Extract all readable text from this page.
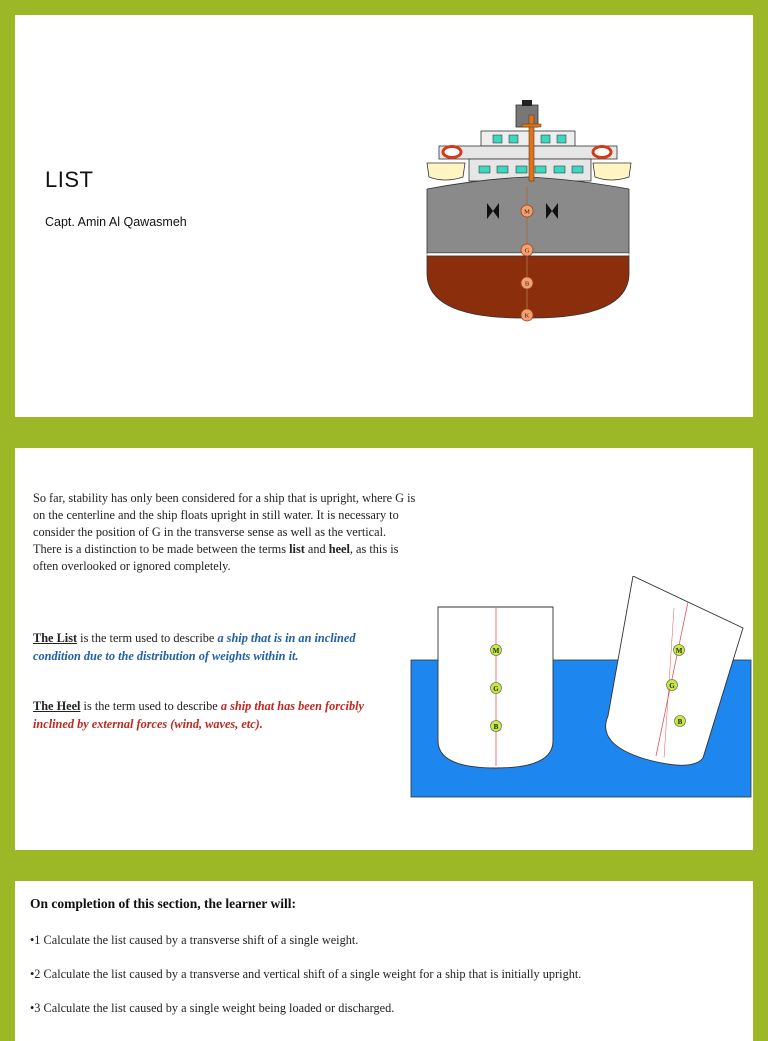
LIST
Capt. Amin Al Qawasmeh
M
G
B
K
So far, stability has only been considered for a ship that is upright, where G is on the centerline and the ship floats upright in still water. It is necessary to consider the position of G in the transverse sense as well as the vertical.
There is a distinction to be made between the terms list and heel, as this is often overlooked or ignored completely.
The List is the term used to describe a ship that is in an inclined
condition due to the distribution of weights within it.
The Heel is the term used to describe a ship that has been forcibly
inclined by external forces (wind, waves, etc).
M
G
B
M
G
B
On completion of this section, the learner will:
•1 Calculate the list caused by a transverse shift of a single weight.
•2 Calculate the list caused by a transverse and vertical shift of a single weight for a ship that is initially upright.
•3 Calculate the list caused by a single weight being loaded or discharged.
